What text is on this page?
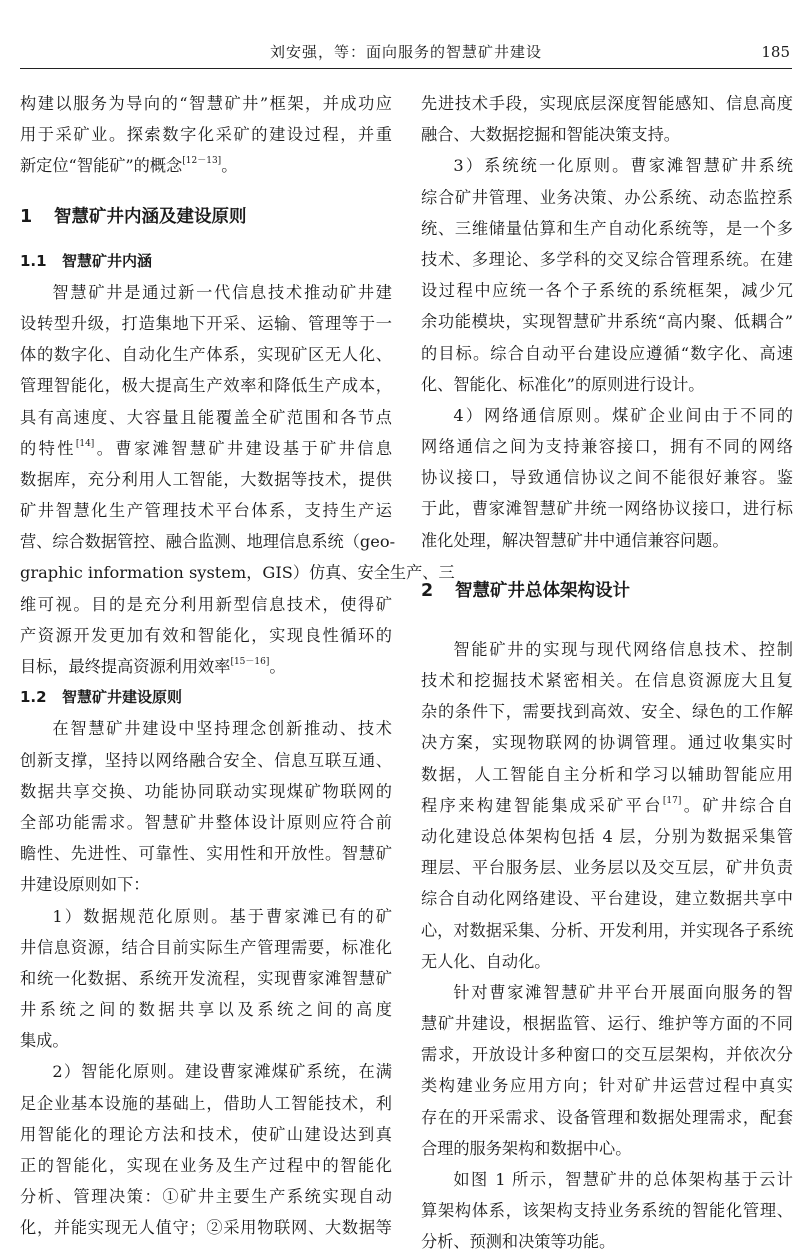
刘安强，等：面向服务的智慧矿井建设	185

构建以服务为导向的“智慧矿井”框架，并成功应

用于采矿业。探索数字化采矿的建设过程，并重

新定位“智能矿”的概念[12－13]。

1 智慧矿井内涵及建设原则
1.1 智慧矿井内涵

智慧矿井是通过新一代信息技术推动矿井建

设转型升级，打造集地下开采、运输、管理等于一

体的数字化、自动化生产体系，实现矿区无人化、

管理智能化，极大提高生产效率和降低生产成本，

具有高速度、大容量且能覆盖全矿范围和各节点

的特性[14]。曹家滩智慧矿井建设基于矿井信息

数据库，充分利用人工智能，大数据等技术，提供

矿井智慧化生产管理技术平台体系，支持生产运

营、综合数据管控、融合监测、地理信息系统（geo-

graphic information system，GIS）仿真、安全生产、三

维可视。目的是充分利用新型信息技术，使得矿

产资源开发更加有效和智能化，实现良性循环的

目标，最终提高资源利用效率[15－16]。

1.2 智慧矿井建设原则

在智慧矿井建设中坚持理念创新推动、技术

创新支撑，坚持以网络融合安全、信息互联互通、

数据共享交换、功能协同联动实现煤矿物联网的

全部功能需求。智慧矿井整体设计原则应符合前

瞻性、先进性、可靠性、实用性和开放性。智慧矿

井建设原则如下：

1）数据规范化原则。基于曹家滩已有的矿

井信息资源，结合目前实际生产管理需要，标准化

和统一化数据、系统开发流程，实现曹家滩智慧矿

井系统之间的数据共享以及系统之间的高度

集成。

2）智能化原则。建设曹家滩煤矿系统，在满

足企业基本设施的基础上，借助人工智能技术，利

用智能化的理论方法和技术，使矿山建设达到真

正的智能化，实现在业务及生产过程中的智能化

分析、管理决策：①矿井主要生产系统实现自动

化，并能实现无人值守；②采用物联网、大数据等

先进技术手段，实现底层深度智能感知、信息高度

融合、大数据挖掘和智能决策支持。

3）系统统一化原则。曹家滩智慧矿井系统

综合矿井管理、业务决策、办公系统、动态监控系

统、三维储量估算和生产自动化系统等，是一个多

技术、多理论、多学科的交叉综合管理系统。在建

设过程中应统一各个子系统的系统框架，减少冗

余功能模块，实现智慧矿井系统“高内聚、低耦合”

的目标。综合自动平台建设应遵循“数字化、高速

化、智能化、标准化”的原则进行设计。

4）网络通信原则。煤矿企业间由于不同的

网络通信之间为支持兼容接口，拥有不同的网络

协议接口，导致通信协议之间不能很好兼容。鉴

于此，曹家滩智慧矿井统一网络协议接口，进行标

准化处理，解决智慧矿井中通信兼容问题。

2 智慧矿井总体架构设计

智能矿井的实现与现代网络信息技术、控制

技术和挖掘技术紧密相关。在信息资源庞大且复

杂的条件下，需要找到高效、安全、绿色的工作解

决方案，实现物联网的协调管理。通过收集实时

数据，人工智能自主分析和学习以辅助智能应用

程序来构建智能集成采矿平台[17]。矿井综合自

动化建设总体架构包括 4 层，分别为数据采集管

理层、平台服务层、业务层以及交互层，矿井负责

综合自动化网络建设、平台建设，建立数据共享中

心，对数据采集、分析、开发利用，并实现各子系统

无人化、自动化。

针对曹家滩智慧矿井平台开展面向服务的智

慧矿井建设，根据监管、运行、维护等方面的不同

需求，开放设计多种窗口的交互层架构，并依次分

类构建业务应用方向；针对矿井运营过程中真实

存在的开采需求、设备管理和数据处理需求，配套

合理的服务架构和数据中心。

如图 1 所示，智慧矿井的总体架构基于云计

算架构体系，该架构支持业务系统的智能化管理、

分析、预测和决策等功能。
